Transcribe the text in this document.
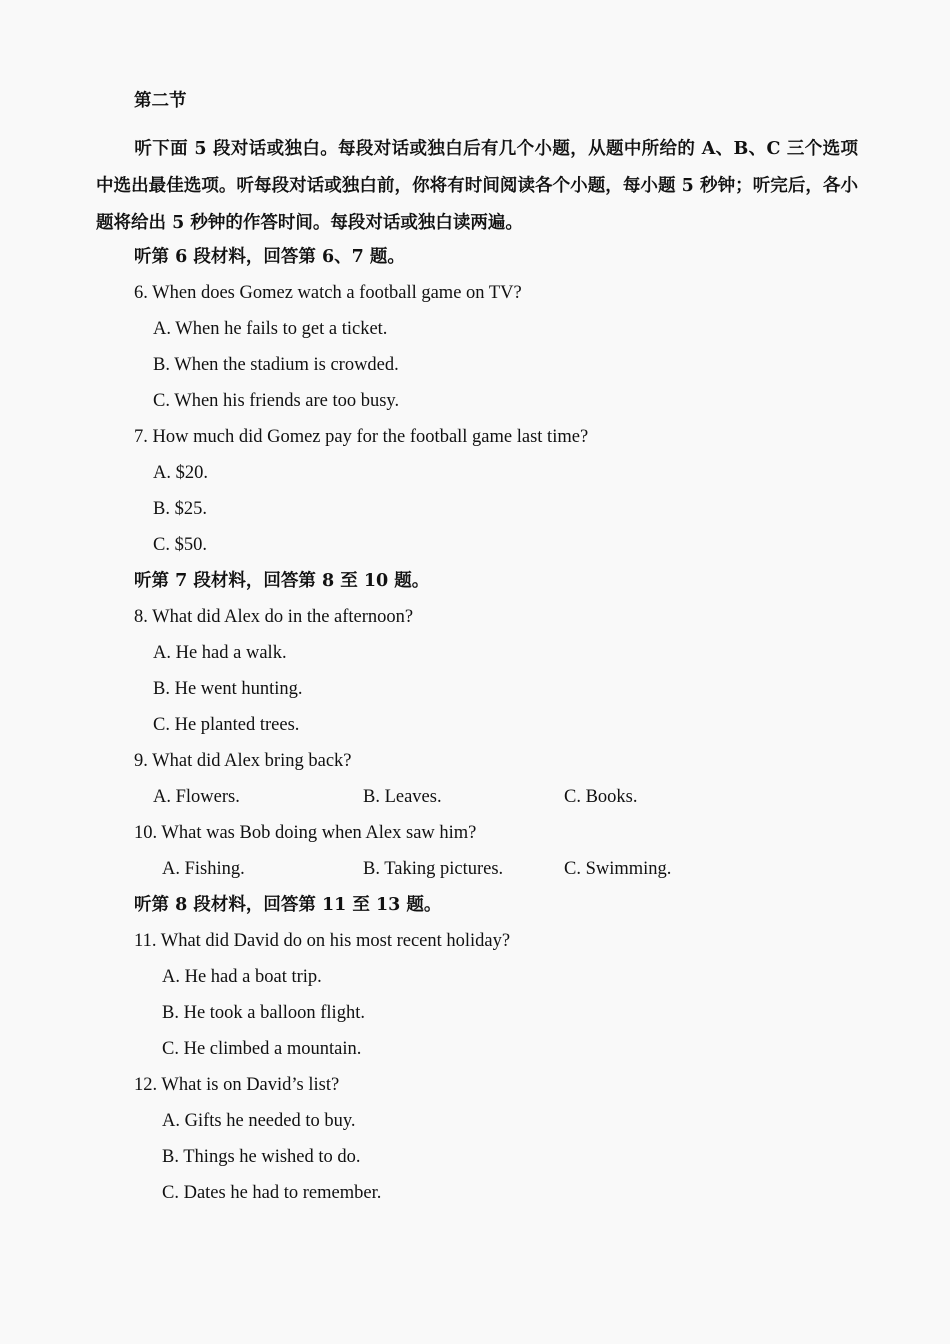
第二节
听下面 5 段对话或独白。每段对话或独白后有几个小题，从题中所给的 A、B、C 三个选项中选出最佳选项。听每段对话或独白前，你将有时间阅读各个小题，每小题 5 秒钟；听完后，各小题将给出 5 秒钟的作答时间。每段对话或独白读两遍。
听第 6 段材料，回答第 6、7 题。
6. When does Gomez watch a football game on TV?
A. When he fails to get a ticket.
B. When the stadium is crowded.
C. When his friends are too busy.
7. How much did Gomez pay for the football game last time?
A. $20.
B. $25.
C. $50.
听第 7 段材料，回答第 8 至 10 题。
8. What did Alex do in the afternoon?
A. He had a walk.
B. He went hunting.
C. He planted trees.
9. What did Alex bring back?
A. Flowers.	B. Leaves.	C. Books.
10. What was Bob doing when Alex saw him?
A. Fishing.	B. Taking pictures.	C. Swimming.
听第 8 段材料，回答第 11 至 13 题。
11. What did David do on his most recent holiday?
A. He had a boat trip.
B. He took a balloon flight.
C. He climbed a mountain.
12. What is on David’s list?
A. Gifts he needed to buy.
B. Things he wished to do.
C. Dates he had to remember.
